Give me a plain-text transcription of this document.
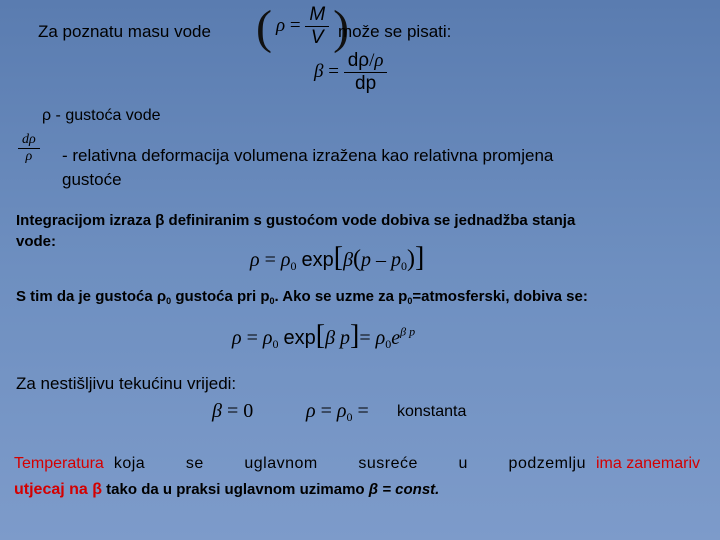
Za poznatu masu vode ( $\rho = \frac{M}{V}$ )
može se pisati:
$\beta = \frac{d\rho/\rho}{dp}$
ρ - gustoća vode
$\frac{d\rho}{\rho}$ - relativna deformacija volumena izražena kao relativna promjena
gustoće
Integracijom izraza β definiranim s gustoćom vode dobiva se jednadžba stanja
vode:
$\rho = \rho_0$ $\exp[\beta(p - p_0)]$
S tim da je gustoća $\rho_0$ gustoća pri $p_0$. Ako se uzme za $p_0=atmosferski$, dobiva se:
$\rho = \rho_0$ exp[β $p]= \rho_0e^{\beta p}$
Za nestišljivu tekućinu vrijedi:
β = 0	$\rho = \rho_0$ = konstanta
Temperatura koja se uglavnom susreće u podzemlju ima zanemariv
utjecaj na β tako da u praksi uglavnom uzimamo β = const.
